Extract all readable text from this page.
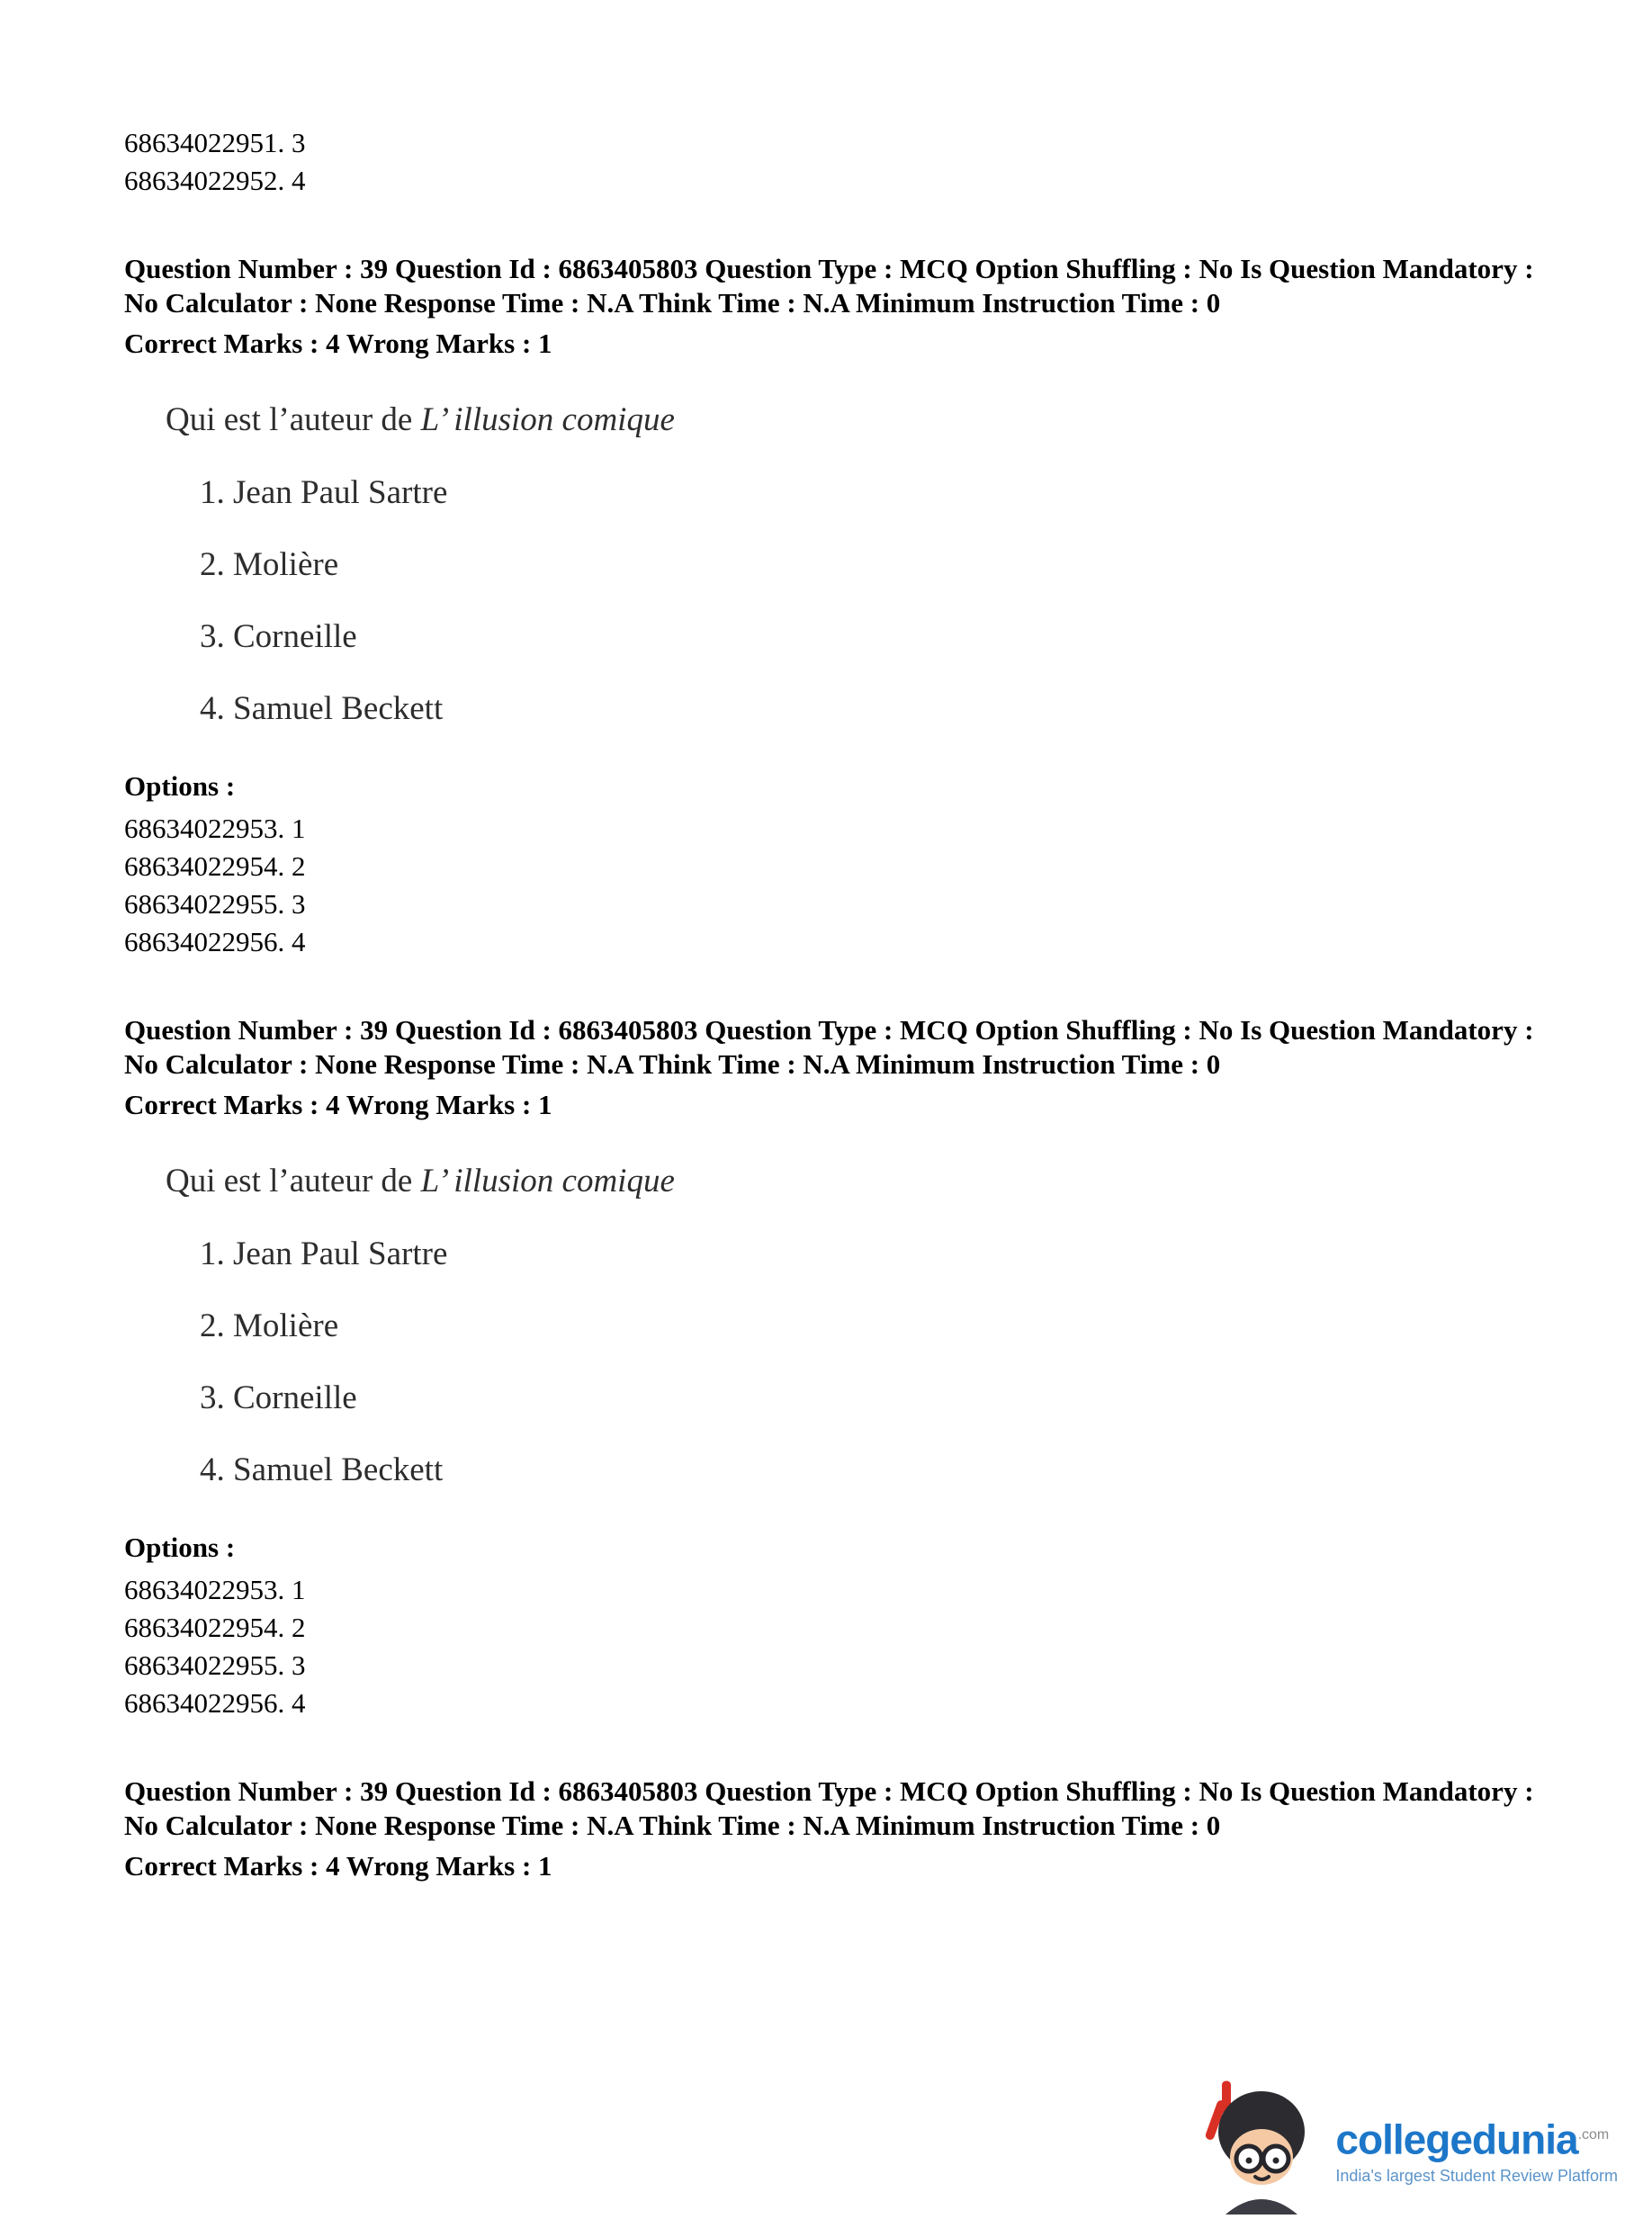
68634022951. 3
68634022952. 4
Question Number : 39 Question Id : 6863405803 Question Type : MCQ Option Shuffling : No Is Question Mandatory :
No Calculator : None Response Time : N.A Think Time : N.A Minimum Instruction Time : 0
Correct Marks : 4 Wrong Marks : 1
Qui est l’auteur de L’ illusion comique
1. Jean Paul Sartre
2. Molière
3. Corneille
4. Samuel Beckett
Options :
68634022953. 1
68634022954. 2
68634022955. 3
68634022956. 4
Question Number : 39 Question Id : 6863405803 Question Type : MCQ Option Shuffling : No Is Question Mandatory :
No Calculator : None Response Time : N.A Think Time : N.A Minimum Instruction Time : 0
Correct Marks : 4 Wrong Marks : 1
Qui est l’auteur de L’ illusion comique
1. Jean Paul Sartre
2. Molière
3. Corneille
4. Samuel Beckett
Options :
68634022953. 1
68634022954. 2
68634022955. 3
68634022956. 4
Question Number : 39 Question Id : 6863405803 Question Type : MCQ Option Shuffling : No Is Question Mandatory :
No Calculator : None Response Time : N.A Think Time : N.A Minimum Instruction Time : 0
Correct Marks : 4 Wrong Marks : 1
collegedunia$^{.com}$
India's largest Student Review Platform
